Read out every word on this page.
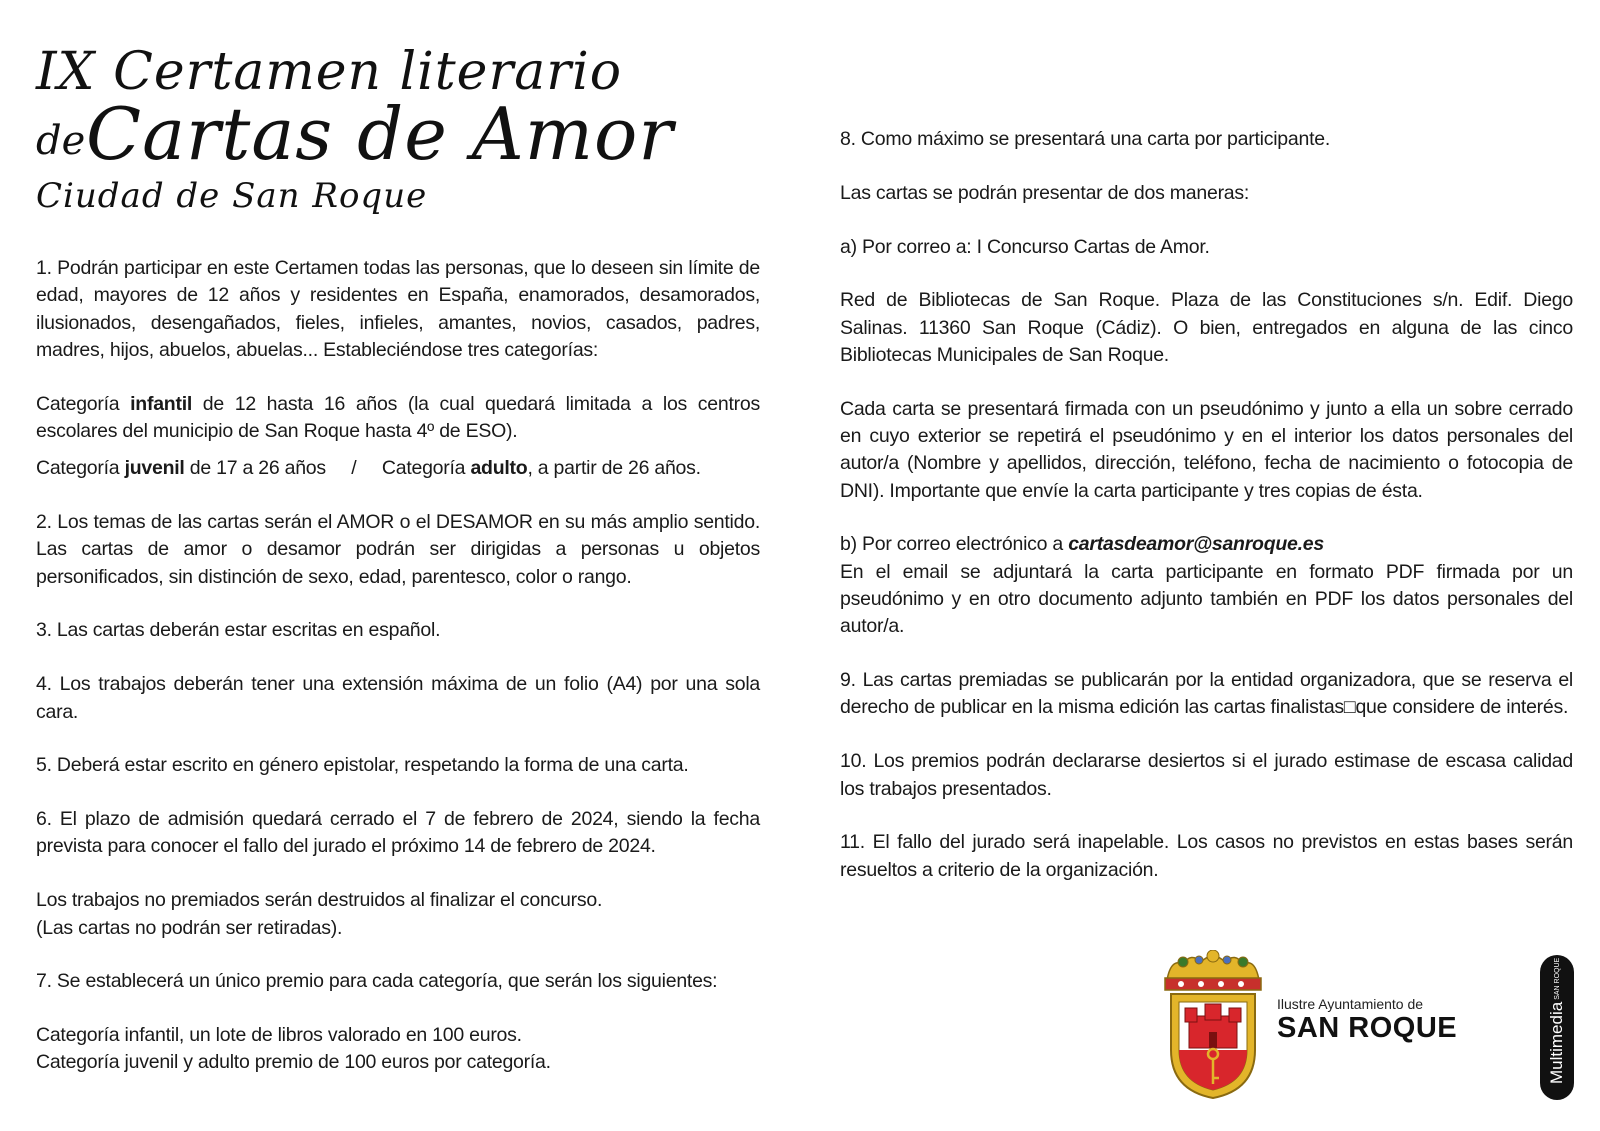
IX Certamen literario
de Cartas de Amor
Ciudad de San Roque

1. Podrán participar en este Certamen todas las personas, que lo deseen sin límite de edad, mayores de 12 años y residentes en España, enamorados, desamorados, ilusionados, desengañados, fieles, infieles, amantes, novios, casados, padres, madres, hijos, abuelos, abuelas... Estableciéndose tres categorías:

Categoría infantil de 12 hasta 16 años (la cual quedará limitada a los centros escolares del municipio de San Roque hasta 4º de ESO).

Categoría juvenil de 17 a 26 años / Categoría adulto, a partir de 26 años.

2. Los temas de las cartas serán el AMOR o el DESAMOR en su más amplio sentido. Las cartas de amor o desamor podrán ser dirigidas a personas u objetos personificados, sin distinción de sexo, edad, parentesco, color o rango.

3. Las cartas deberán estar escritas en español.

4. Los trabajos deberán tener una extensión máxima de un folio (A4) por una sola cara.

5. Deberá estar escrito en género epistolar, respetando la forma de una carta.

6. El plazo de admisión quedará cerrado el 7 de febrero de 2024, siendo la fecha prevista para conocer el fallo del jurado el próximo 14 de febrero de 2024.

Los trabajos no premiados serán destruidos al finalizar el concurso.
(Las cartas no podrán ser retiradas).

7. Se establecerá un único premio para cada categoría, que serán los siguientes:

Categoría infantil, un lote de libros valorado en 100 euros.
Categoría juvenil y adulto premio de 100 euros por categoría.

8. Como máximo se presentará una carta por participante.

Las cartas se podrán presentar de dos maneras:

a) Por correo a: I Concurso Cartas de Amor.

Red de Bibliotecas de San Roque. Plaza de las Constituciones s/n. Edif. Diego Salinas. 11360 San Roque (Cádiz). O bien, entregados en alguna de las cinco Bibliotecas Municipales de San Roque.

Cada carta se presentará firmada con un pseudónimo y junto a ella un sobre cerrado en cuyo exterior se repetirá el pseudónimo y en el interior los datos personales del autor/a (Nombre y apellidos, dirección, teléfono, fecha de nacimiento o fotocopia de DNI). Importante que envíe la carta participante y tres copias de ésta.

b) Por correo electrónico a cartasdeamor@sanroque.es
En el email se adjuntará la carta participante en formato PDF firmada por un pseudónimo y en otro documento adjunto también en PDF los datos personales del autor/a.

9. Las cartas premiadas se publicarán por la entidad organizadora, que se reserva el derecho de publicar en la misma edición las cartas finalistas□que considere de interés.

10. Los premios podrán declararse desiertos si el jurado estimase de escasa calidad los trabajos presentados.

11. El fallo del jurado será inapelable. Los casos no previstos en estas bases serán resueltos a criterio de la organización.

Ilustre Ayuntamiento de
SAN ROQUE	MultimediaSAN ROQUE
